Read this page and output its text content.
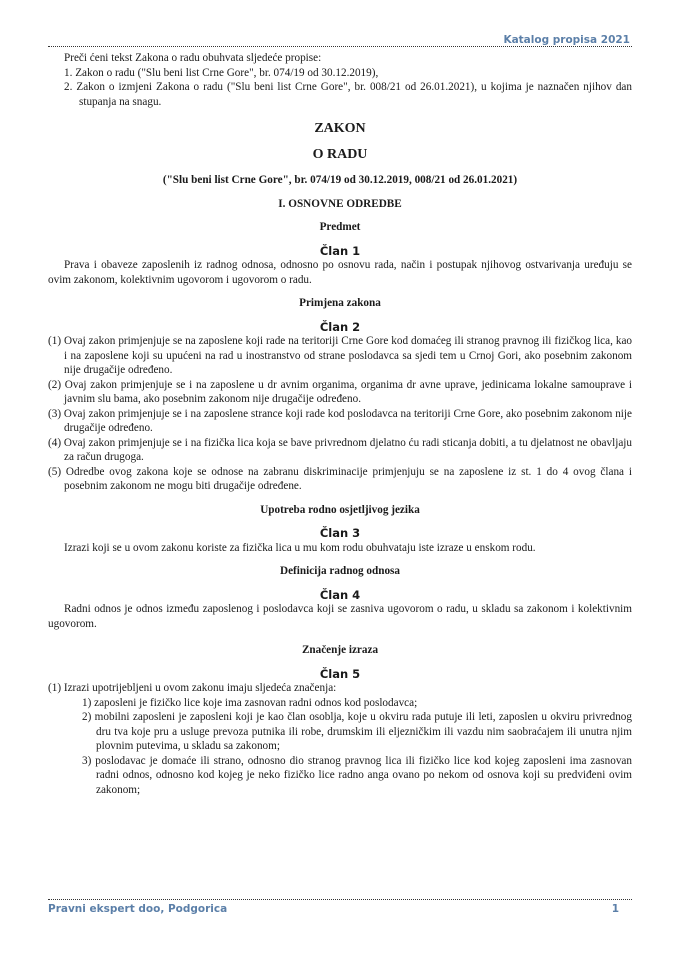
Katalog propisa 2021

Preči ćeni tekst Zakona o radu obuhvata sljedeće propise:

1. Zakon o radu ("Slu beni list Crne Gore", br. 074/19 od 30.12.2019),

2. Zakon o izmjeni Zakona o radu ("Slu beni list Crne Gore", br. 008/21 od 26.01.2021), u kojima je naznačen njihov dan stupanja na snagu.

ZAKON

O RADU

("Slu beni list Crne Gore", br. 074/19 od 30.12.2019, 008/21 od 26.01.2021)

I. OSNOVNE ODREDBE

Predmet

Član 1

Prava i obaveze zaposlenih iz radnog odnosa, odnosno po osnovu rada, način i postupak njihovog ostvarivanja uređuju se ovim zakonom, kolektivnim ugovorom i ugovorom o radu.

Primjena zakona

Član 2

(1) Ovaj zakon primjenjuje se na zaposlene koji rade na teritoriji Crne Gore kod domaćeg ili stranog pravnog ili fizičkog lica, kao i na zaposlene koji su upućeni na rad u inostranstvo od strane poslodavca sa sjedi tem u Crnoj Gori, ako posebnim zakonom nije drugačije određeno.

(2) Ovaj zakon primjenjuje se i na zaposlene u dr avnim organima, organima dr avne uprave, jedinicama lokalne samouprave i javnim slu bama, ako posebnim zakonom nije drugačije određeno.

(3) Ovaj zakon primjenjuje se i na zaposlene strance koji rade kod poslodavca na teritoriji Crne Gore, ako posebnim zakonom nije drugačije određeno.

(4) Ovaj zakon primjenjuje se i na fizička lica koja se bave privrednom djelatno ću radi sticanja dobiti, a tu djelatnost ne obavljaju za račun drugoga.

(5) Odredbe ovog zakona koje se odnose na zabranu diskriminacije primjenjuju se na zaposlene iz st. 1 do 4 ovog člana i posebnim zakonom ne mogu biti drugačije određene.

Upotreba rodno osjetljivog jezika

Član 3

Izrazi koji se u ovom zakonu koriste za fizička lica u mu kom rodu obuhvataju iste izraze u enskom rodu.

Definicija radnog odnosa

Član 4

Radni odnos je odnos između zaposlenog i poslodavca koji se zasniva ugovorom o radu, u skladu sa zakonom i kolektivnim ugovorom.

Značenje izraza

Član 5

(1) Izrazi upotrijebljeni u ovom zakonu imaju sljedeća značenja:

1) zaposleni je fizičko lice koje ima zasnovan radni odnos kod poslodavca;

2) mobilni zaposleni je zaposleni koji je kao član osoblja, koje u okviru rada putuje ili leti, zaposlen u okviru privrednog dru tva koje pru a usluge prevoza putnika ili robe, drumskim ili eljezničkim ili vazdu nim saobraćajem ili unutra njim plovnim putevima, u skladu sa zakonom;

3) poslodavac je domaće ili strano, odnosno dio stranog pravnog lica ili fizičko lice kod kojeg zaposleni ima zasnovan radni odnos, odnosno kod kojeg je neko fizičko lice radno anga ovano po nekom od osnova koji su predviđeni ovim zakonom;

Pravni ekspert doo, Podgorica	1
